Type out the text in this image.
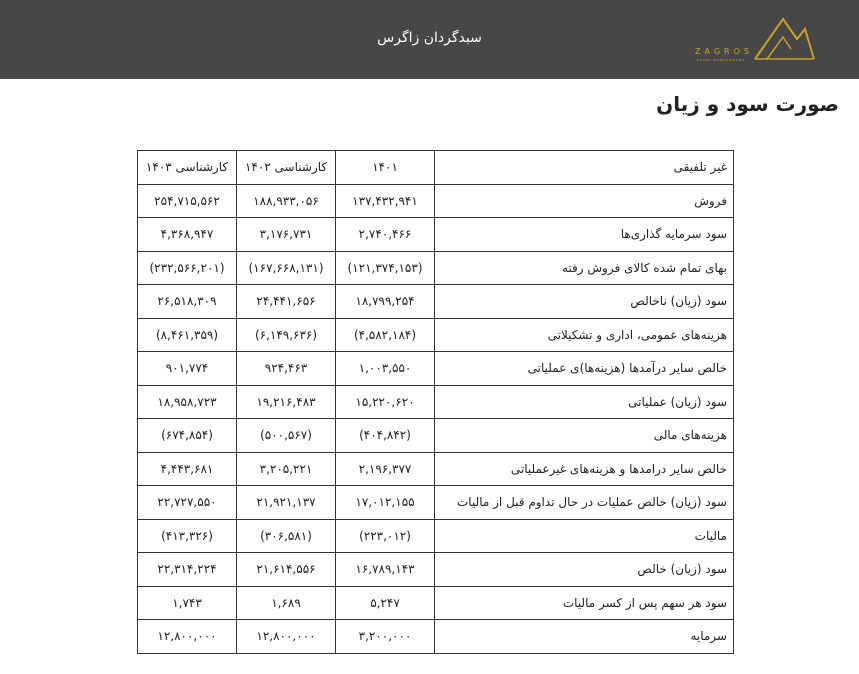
سبدگردان زاگرس
ZAGROS
ASSET MANAGEMENT
صورت سود و زیان
غیر تلفیقی	۱۴۰۱	کارشناسی ۱۴۰۲	کارشناسی ۱۴۰۳
فروش	۱۳۷,۴۳۲,۹۴۱	۱۸۸,۹۳۳,۰۵۶	۲۵۴,۷۱۵,۵۶۲
سود سرمایه گذاری‌ها	۲,۷۴۰,۴۶۶	۳,۱۷۶,۷۳۱	۴,۳۶۸,۹۴۷
بهای تمام شده کالای فروش رفته	(۱۲۱,۳۷۴,۱۵۳)	(۱۶۷,۶۶۸,۱۳۱)	(۲۳۲,۵۶۶,۲۰۱)
سود (زیان) ناخالص	۱۸,۷۹۹,۲۵۴	۲۴,۴۴۱,۶۵۶	۲۶,۵۱۸,۳۰۹
هزینه‌های عمومی، اداری و تشکیلاتی	(۴,۵۸۲,۱۸۴)	(۶,۱۴۹,۶۳۶)	(۸,۴۶۱,۳۵۹)
خالص سایر درآمدها (هزینه‌ها)ی عملیاتی	۱,۰۰۳,۵۵۰	۹۲۴,۴۶۳	۹۰۱,۷۷۴
سود (زیان) عملیاتی	۱۵,۲۲۰,۶۲۰	۱۹,۲۱۶,۴۸۳	۱۸,۹۵۸,۷۲۳
هزینه‌های مالی	(۴۰۴,۸۴۲)	(۵۰۰,۵۶۷)	(۶۷۴,۸۵۴)
خالص سایر درامدها و هزینه‌های غیرعملیاتی	۲,۱۹۶,۳۷۷	۳,۲۰۵,۲۲۱	۴,۴۴۳,۶۸۱
سود (زیان) خالص عملیات در حال تداوم قبل از مالیات	۱۷,۰۱۲,۱۵۵	۲۱,۹۲۱,۱۳۷	۲۲,۷۲۷,۵۵۰
مالیات	(۲۲۳,۰۱۲)	(۳۰۶,۵۸۱)	(۴۱۳,۳۲۶)
سود (زیان) خالص	۱۶,۷۸۹,۱۴۳	۲۱,۶۱۴,۵۵۶	۲۲,۳۱۴,۲۲۴
سود هر سهم پس از کسر مالیات	۵,۲۴۷	۱,۶۸۹	۱,۷۴۳
سرمایه	۳,۲۰۰,۰۰۰	۱۲,۸۰۰,۰۰۰	۱۲,۸۰۰,۰۰۰
